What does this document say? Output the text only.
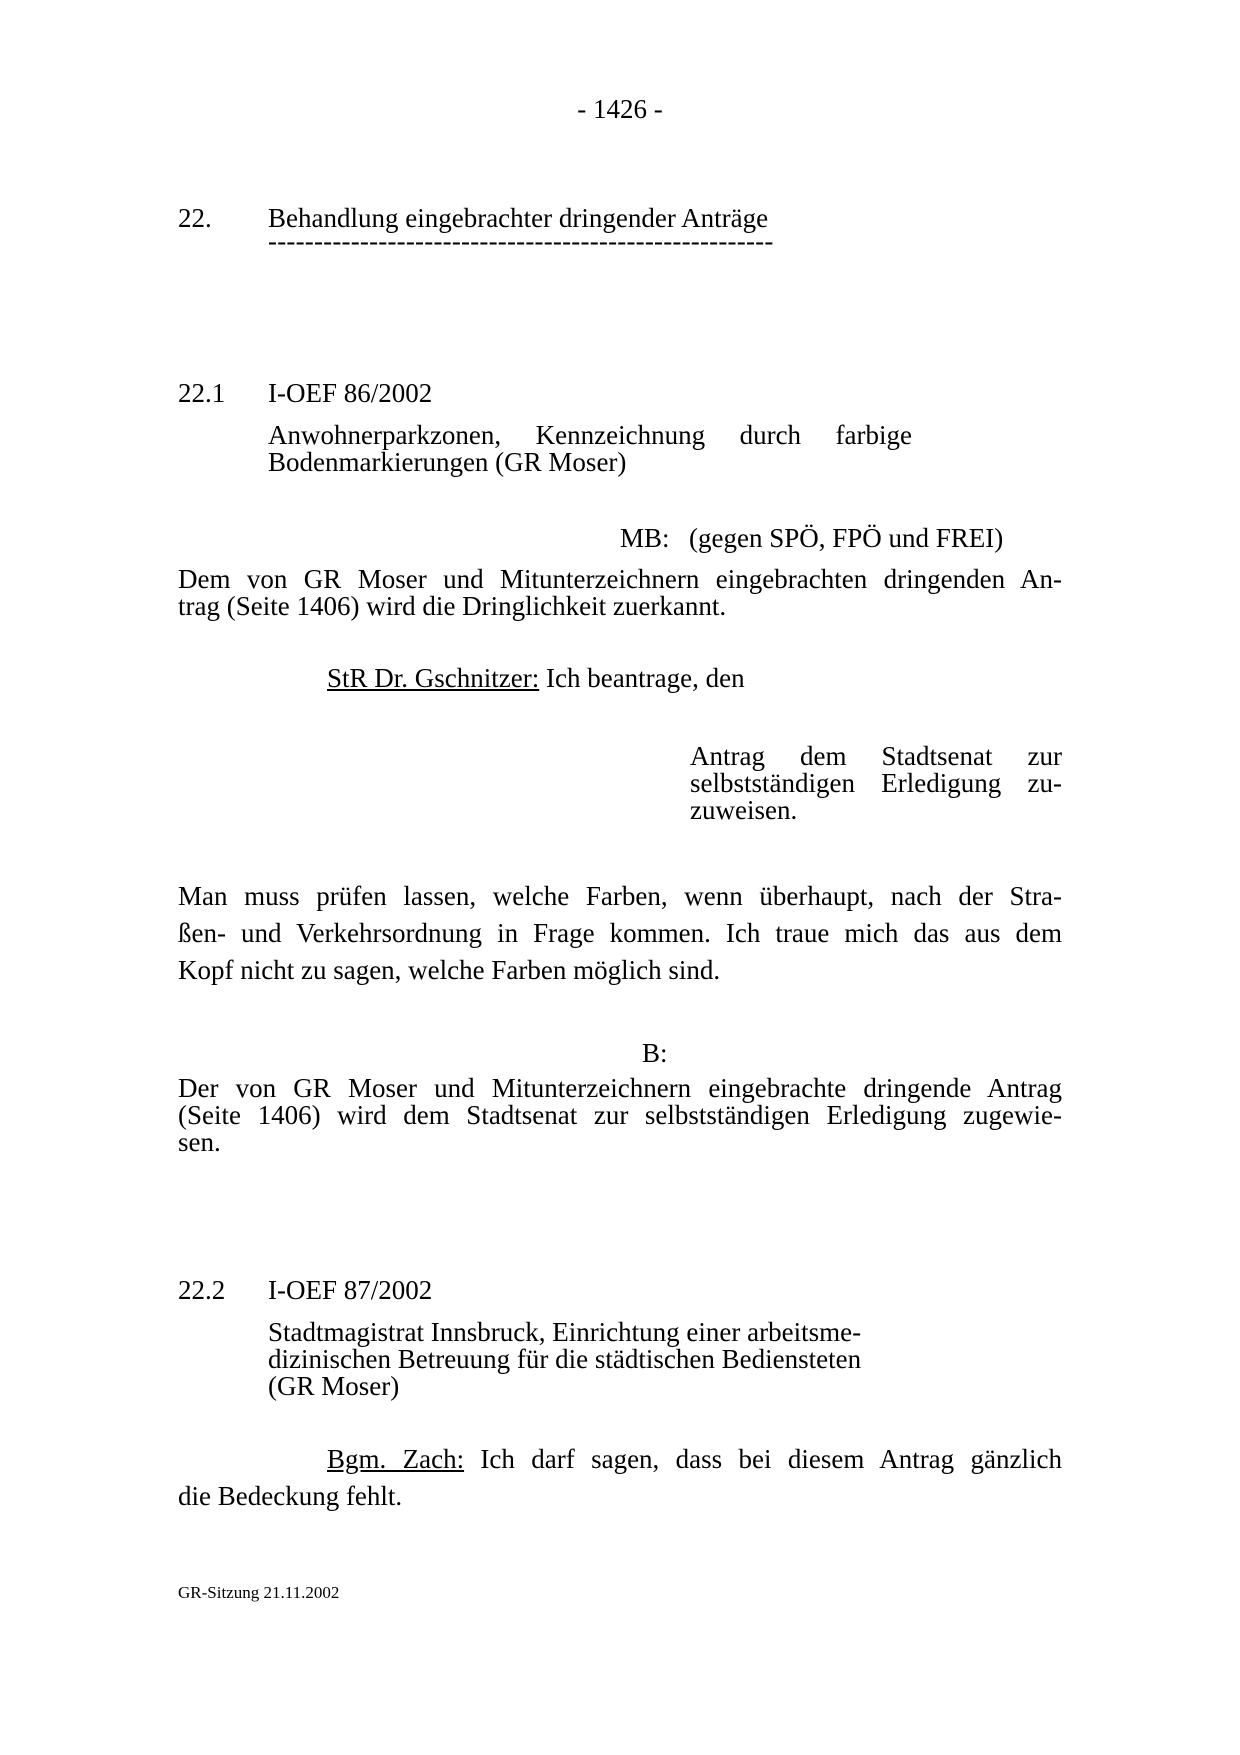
- 1426 -
22. Behandlung eingebrachter dringender Anträge
-------------------------------------------------------
22.1 I-OEF 86/2002
Anwohnerparkzonen, Kennzeichnung durch farbige
Bodenmarkierungen (GR Moser)
MB: (gegen SPÖ, FPÖ und FREI)
Dem von GR Moser und Mitunterzeichnern eingebrachten dringenden An-
trag (Seite 1406) wird die Dringlichkeit zuerkannt.
StR Dr. Gschnitzer: Ich beantrage, den
Antrag dem Stadtsenat zur
selbstständigen Erledigung zu-
zuweisen.
Man muss prüfen lassen, welche Farben, wenn überhaupt, nach der Stra-
ßen- und Verkehrsordnung in Frage kommen. Ich traue mich das aus dem
Kopf nicht zu sagen, welche Farben möglich sind.
B:
Der von GR Moser und Mitunterzeichnern eingebrachte dringende Antrag
(Seite 1406) wird dem Stadtsenat zur selbstständigen Erledigung zugewie-
sen.
22.2 I-OEF 87/2002
Stadtmagistrat Innsbruck, Einrichtung einer arbeitsme-
dizinischen Betreuung für die städtischen Bediensteten
(GR Moser)
Bgm. Zach: Ich darf sagen, dass bei diesem Antrag gänzlich
die Bedeckung fehlt.
GR-Sitzung 21.11.2002
